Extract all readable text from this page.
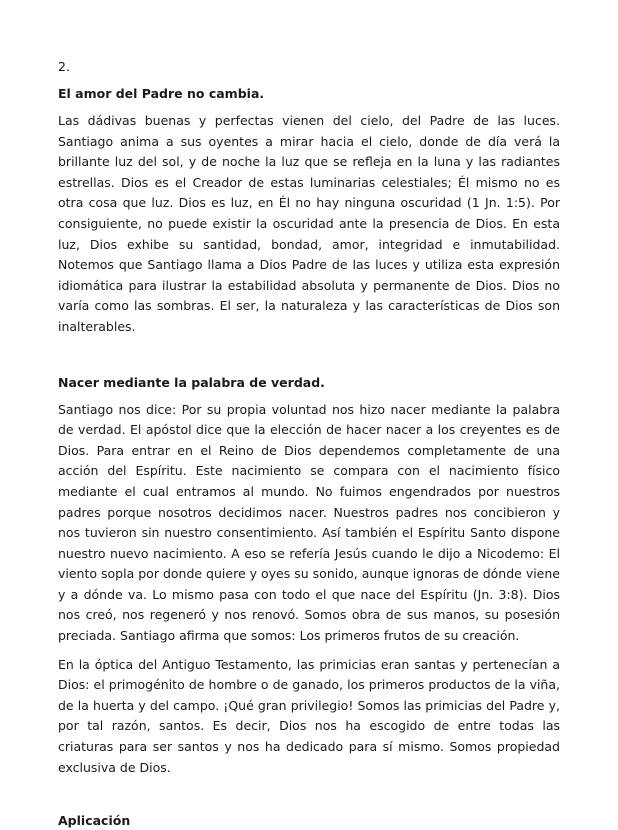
2.
El amor del Padre no cambia.

Las dádivas buenas y perfectas vienen del cielo, del Padre de las luces. Santiago anima a sus oyentes a mirar hacia el cielo, donde de día verá la brillante luz del sol, y de noche la luz que se refleja en la luna y las radiantes estrellas. Dios es el Creador de estas luminarias celestiales; Él mismo no es otra cosa que luz. Dios es luz, en Él no hay ninguna oscuridad (1 Jn. 1:5). Por consiguiente, no puede existir la oscuridad ante la presencia de Dios. En esta luz, Dios exhibe su santidad, bondad, amor, integridad e inmutabilidad. Notemos que Santiago llama a Dios Padre de las luces y utiliza esta expresión idiomática para ilustrar la estabilidad absoluta y permanente de Dios. Dios no varía como las sombras. El ser, la naturaleza y las características de Dios son inalterables.

Nacer mediante la palabra de verdad.

Santiago nos dice: Por su propia voluntad nos hizo nacer mediante la palabra de verdad. El apóstol dice que la elección de hacer nacer a los creyentes es de Dios. Para entrar en el Reino de Dios dependemos completamente de una acción del Espíritu. Este nacimiento se compara con el nacimiento físico mediante el cual entramos al mundo. No fuimos engendrados por nuestros padres porque nosotros decidimos nacer. Nuestros padres nos concibieron y nos tuvieron sin nuestro consentimiento. Así también el Espíritu Santo dispone nuestro nuevo nacimiento. A eso se refería Jesús cuando le dijo a Nicodemo: El viento sopla por donde quiere y oyes su sonido, aunque ignoras de dónde viene y a dónde va. Lo mismo pasa con todo el que nace del Espíritu (Jn. 3:8). Dios nos creó, nos regeneró y nos renovó. Somos obra de sus manos, su posesión preciada. Santiago afirma que somos: Los primeros frutos de su creación.

En la óptica del Antiguo Testamento, las primicias eran santas y pertenecían a Dios: el primogénito de hombre o de ganado, los primeros productos de la viña, de la huerta y del campo. ¡Qué gran privilegio! Somos las primicias del Padre y, por tal razón, santos. Es decir, Dios nos ha escogido de entre todas las criaturas para ser santos y nos ha dedicado para sí mismo. Somos propiedad exclusiva de Dios.

Aplicación
